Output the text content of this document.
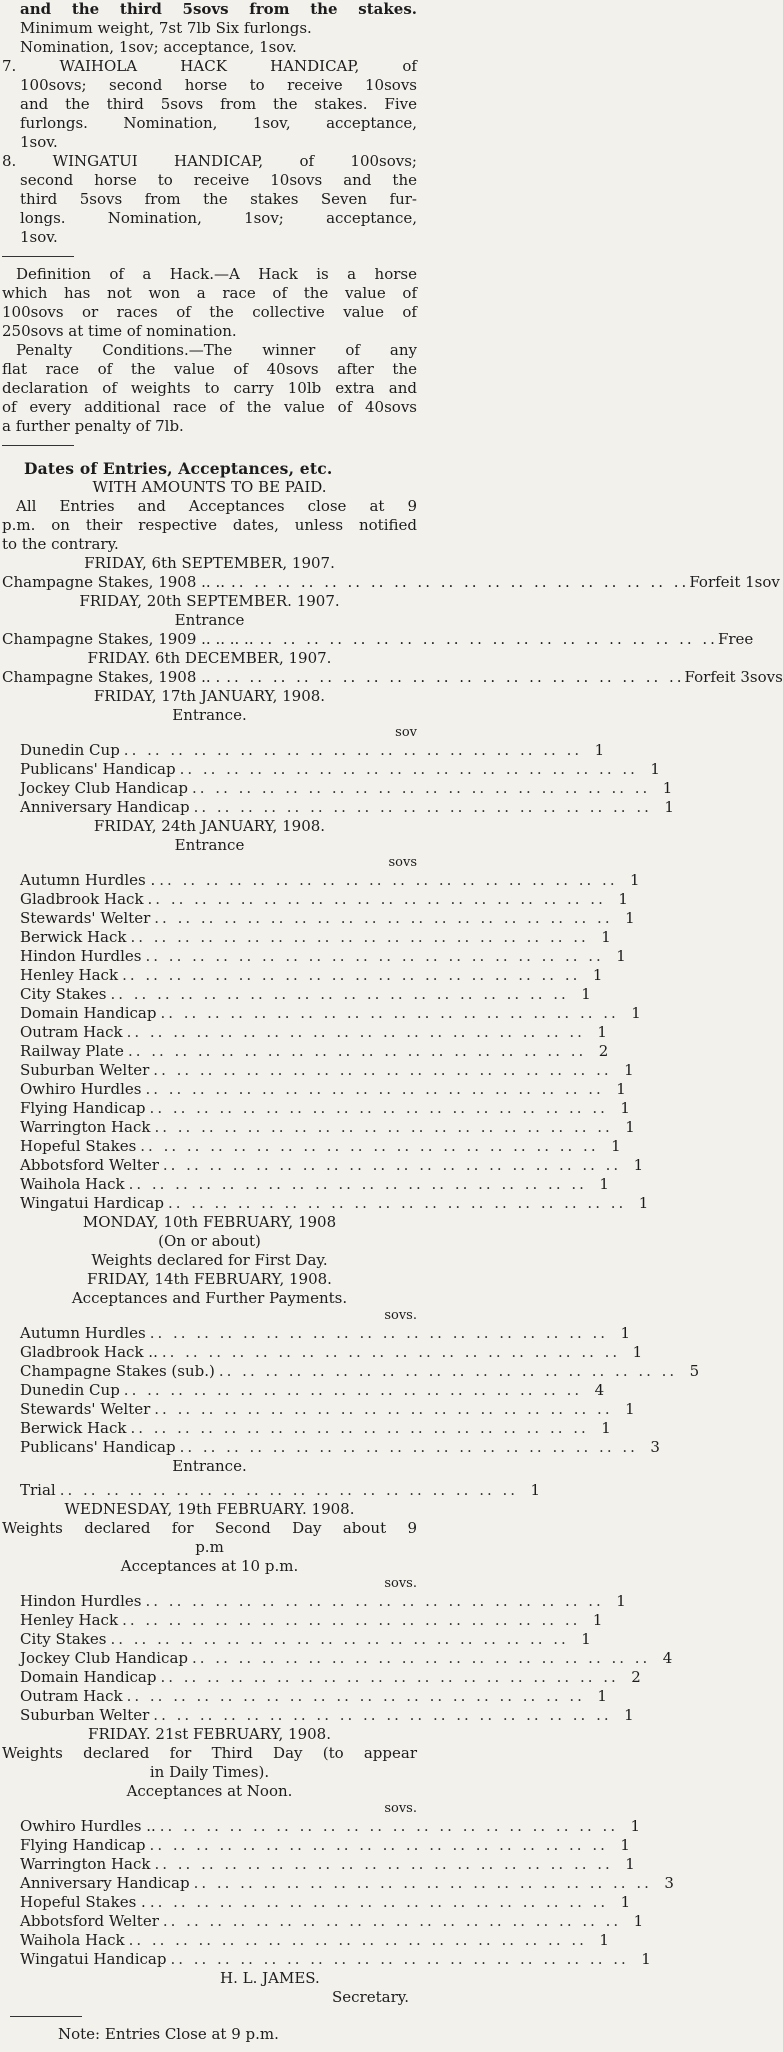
and the third 5sovs from the stakes.
Minimum weight, 7st 7lb Six furlongs.
Nomination, 1sov; acceptance, 1sov.
7. WAIHOLA HACK HANDICAP, of
100sovs; second horse to receive 10sovs
and the third 5sovs from the stakes. Five
furlongs. Nomination, 1sov, acceptance,
1sov.
8. WINGATUI HANDICAP, of 100sovs;
second horse to receive 10sovs and the
third 5sovs from the stakes Seven fur-
longs. Nomination, 1sov; acceptance,
1sov.
Definition of a Hack.—A Hack is a horse
which has not won a race of the value of
100sovs or races of the collective value of
250sovs at time of nomination.
Penalty Conditions.—The winner of any
flat race of the value of 40sovs after the
declaration of weights to carry 10lb extra and
of every additional race of the value of 40sovs
a further penalty of 7lb.
Dates of Entries, Acceptances, etc.
WITH AMOUNTS TO BE PAID.
All Entries and Acceptances close at 9
p.m. on their respective dates, unless notified
to the contrary.
FRIDAY, 6th SEPTEMBER, 1907.
Champagne Stakes, 1908 .. .. .. .. .. .. .. .. .. .. .. .. .. .. .. .. .. .. .. .. .. .. Forfeit 1sov
FRIDAY, 20th SEPTEMBER. 1907.
Entrance
Champagne Stakes, 1909 .. .. .. .. .. .. .. .. .. .. .. .. .. .. .. .. .. .. .. .. .. .. .. .. Free
FRIDAY. 6th DECEMBER, 1907.
Champagne Stakes, 1908 .. . .. .. .. .. .. .. .. .. .. .. .. .. .. .. .. .. .. .. .. .. Forfeit 3sovs
FRIDAY, 17th JANUARY, 1908.
Entrance.
sov
Dunedin Cup .. .. .. .. .. .. .. .. .. .. .. .. .. .. .. .. .. .. .. .. 1
Publicans' Handicap .. .. .. .. .. .. .. .. .. .. .. .. .. .. .. .. .. .. .. .. 1
Jockey Club Handicap .. .. .. .. .. .. .. .. .. .. .. .. .. .. .. .. .. .. .. .. 1
Anniversary Handicap .. .. .. .. .. .. .. .. .. .. .. .. .. .. .. .. .. .. .. .. 1
FRIDAY, 24th JANUARY, 1908.
Entrance
sovs
Autumn Hurdles . .. .. .. .. .. .. .. .. .. .. .. .. .. .. .. .. .. .. .. .. 1
Gladbrook Hack .. .. .. .. .. .. .. .. .. .. .. .. .. .. .. .. .. .. .. .. 1
Stewards' Welter .. .. .. .. .. .. .. .. .. .. .. .. .. .. .. .. .. .. .. .. 1
Berwick Hack .. .. .. .. .. .. .. .. .. .. .. .. .. .. .. .. .. .. .. .. 1
Hindon Hurdles .. .. .. .. .. .. .. .. .. .. .. .. .. .. .. .. .. .. .. .. 1
Henley Hack .. .. .. .. .. .. .. .. .. .. .. .. .. .. .. .. .. .. .. .. 1
City Stakes .. .. .. .. .. .. .. .. .. .. .. .. .. .. .. .. .. .. .. .. 1
Domain Handicap .. .. .. .. .. .. .. .. .. .. .. .. .. .. .. .. .. .. .. .. 1
Outram Hack .. .. .. .. .. .. .. .. .. .. .. .. .. .. .. .. .. .. .. .. 1
Railway Plate .. .. .. .. .. .. .. .. .. .. .. .. .. .. .. .. .. .. .. .. 2
Suburban Welter .. .. .. .. .. .. .. .. .. .. .. .. .. .. .. .. .. .. .. .. 1
Owhiro Hurdles .. .. .. .. .. .. .. .. .. .. .. .. .. .. .. .. .. .. .. .. 1
Flying Handicap .. .. .. .. .. .. .. .. .. .. .. .. .. .. .. .. .. .. .. .. 1
Warrington Hack .. .. .. .. .. .. .. .. .. .. .. .. .. .. .. .. .. .. .. .. 1
Hopeful Stakes .. .. .. .. .. .. .. .. .. .. .. .. .. .. .. .. .. .. .. .. 1
Abbotsford Welter .. .. .. .. .. .. .. .. .. .. .. .. .. .. .. .. .. .. .. .. 1
Waihola Hack .. .. .. .. .. .. .. .. .. .. .. .. .. .. .. .. .. .. .. .. 1
Wingatui Hardicap .. .. .. .. .. .. .. .. .. .. .. .. .. .. .. .. .. .. .. .. 1
MONDAY, 10th FEBRUARY, 1908
(On or about)
Weights declared for First Day.
FRIDAY, 14th FEBRUARY, 1908.
Acceptances and Further Payments.
sovs.
Autumn Hurdles .. .. .. .. .. .. .. .. .. .. .. .. .. .. .. .. .. .. .. .. 1
Gladbrook Hack .. .. .. .. .. .. .. .. .. .. .. .. .. .. .. .. .. .. .. .. .. 1
Champagne Stakes (sub.) .. .. .. .. .. .. .. .. .. .. .. .. .. .. .. .. .. .. .. .. 5
Dunedin Cup .. .. .. .. .. .. .. .. .. .. .. .. .. .. .. .. .. .. .. .. 4
Stewards' Welter .. .. .. .. .. .. .. .. .. .. .. .. .. .. .. .. .. .. .. .. 1
Berwick Hack .. .. .. .. .. .. .. .. .. .. .. .. .. .. .. .. .. .. .. .. 1
Publicans' Handicap .. .. .. .. .. .. .. .. .. .. .. .. .. .. .. .. .. .. .. .. 3
Entrance.
Trial .. .. .. .. .. .. .. .. .. .. .. .. .. .. .. .. .. .. .. .. 1
WEDNESDAY, 19th FEBRUARY. 1908.
Weights declared for Second Day about 9
p.m
Acceptances at 10 p.m.
sovs.
Hindon Hurdles .. .. .. .. .. .. .. .. .. .. .. .. .. .. .. .. .. .. .. .. 1
Henley Hack .. .. .. .. .. .. .. .. .. .. .. .. .. .. .. .. .. .. .. .. 1
City Stakes .. .. .. .. .. .. .. .. .. .. .. .. .. .. .. .. .. .. .. .. 1
Jockey Club Handicap .. .. .. .. .. .. .. .. .. .. .. .. .. .. .. .. .. .. .. .. 4
Domain Handicap .. .. .. .. .. .. .. .. .. .. .. .. .. .. .. .. .. .. .. .. 2
Outram Hack .. .. .. .. .. .. .. .. .. .. .. .. .. .. .. .. .. .. .. .. 1
Suburban Welter .. .. .. .. .. .. .. .. .. .. .. .. .. .. .. .. .. .. .. .. 1
FRIDAY. 21st FEBRUARY, 1908.
Weights declared for Third Day (to appear
in Daily Times).
Acceptances at Noon.
sovs.
Owhiro Hurdles .. .. .. .. .. .. .. .. .. .. .. .. .. .. .. .. .. .. .. .. .. 1
Flying Handicap .. .. .. .. .. .. .. .. .. .. .. .. .. .. .. .. .. .. .. .. 1
Warrington Hack .. .. .. .. .. .. .. .. .. .. .. .. .. .. .. .. .. .. .. .. 1
Anniversary Handicap .. .. .. .. .. .. .. .. .. .. .. .. .. .. .. .. .. .. .. .. 3
Hopeful Stakes . .. .. .. .. .. .. .. .. .. .. .. .. .. .. .. .. .. .. .. .. 1
Abbotsford Welter .. .. .. .. .. .. .. .. .. .. .. .. .. .. .. .. .. .. .. .. 1
Waihola Hack .. .. .. .. .. .. .. .. .. .. .. .. .. .. .. .. .. .. .. .. 1
Wingatui Handicap .. .. .. .. .. .. .. .. .. .. .. .. .. .. .. .. .. .. .. .. 1
H. L. JAMES.
Secretary.
Note: Entries Close at 9 p.m.
